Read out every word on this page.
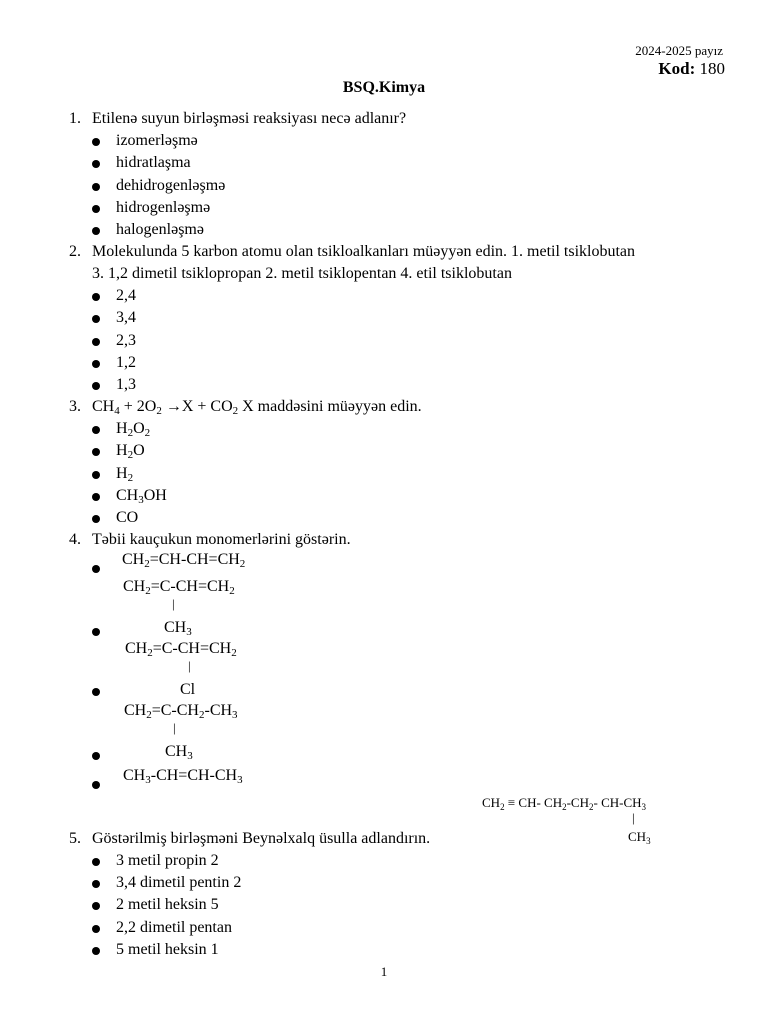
2024-2025 payız
Kod: 180
BSQ.Kimya
1. Etilenə suyun birləşməsi reaksiyası necə adlanır?
izomerləşmə
hidratlaşma
dehidrogenləşmə
hidrogenləşmə
halogenləşmə
2. Molekulunda 5 karbon atomu olan tsikloalkanları müəyyən edin. 1. metil tsiklobutan
3. 1,2 dimetil tsiklopropan 2. metil tsiklopentan 4. etil tsiklobutan
2,4
3,4
2,3
1,2
1,3
3. $CH_4 + 2O_2 \to X + CO_2$ X maddəsini müəyyən edin.
$H_2O_2$
$H_2O$
$H_2$
$CH_3OH$
CO
4. Təbii kauçukun monomerlərini göstərin.
$CH_2=CH-CH=CH_2$
$CH_2=C-CH=CH_2$
|
$CH_3$
$CH_2=C-CH=CH_2$
|
Cl
$CH_2=C-CH_2-CH_3$
|
$CH_3$
$CH_3-CH=CH-CH_3$
$CH_2 \equiv CH-$ $CH_2-CH_2-$ $CH-CH_3$
|
$CH_3$
5. Göstərilmiş birləşməni Beynəlxalq üsulla adlandırın.
3 metil propin 2
3,4 dimetil pentin 2
2 metil heksin 5
2,2 dimetil pentan
5 metil heksin 1
1
